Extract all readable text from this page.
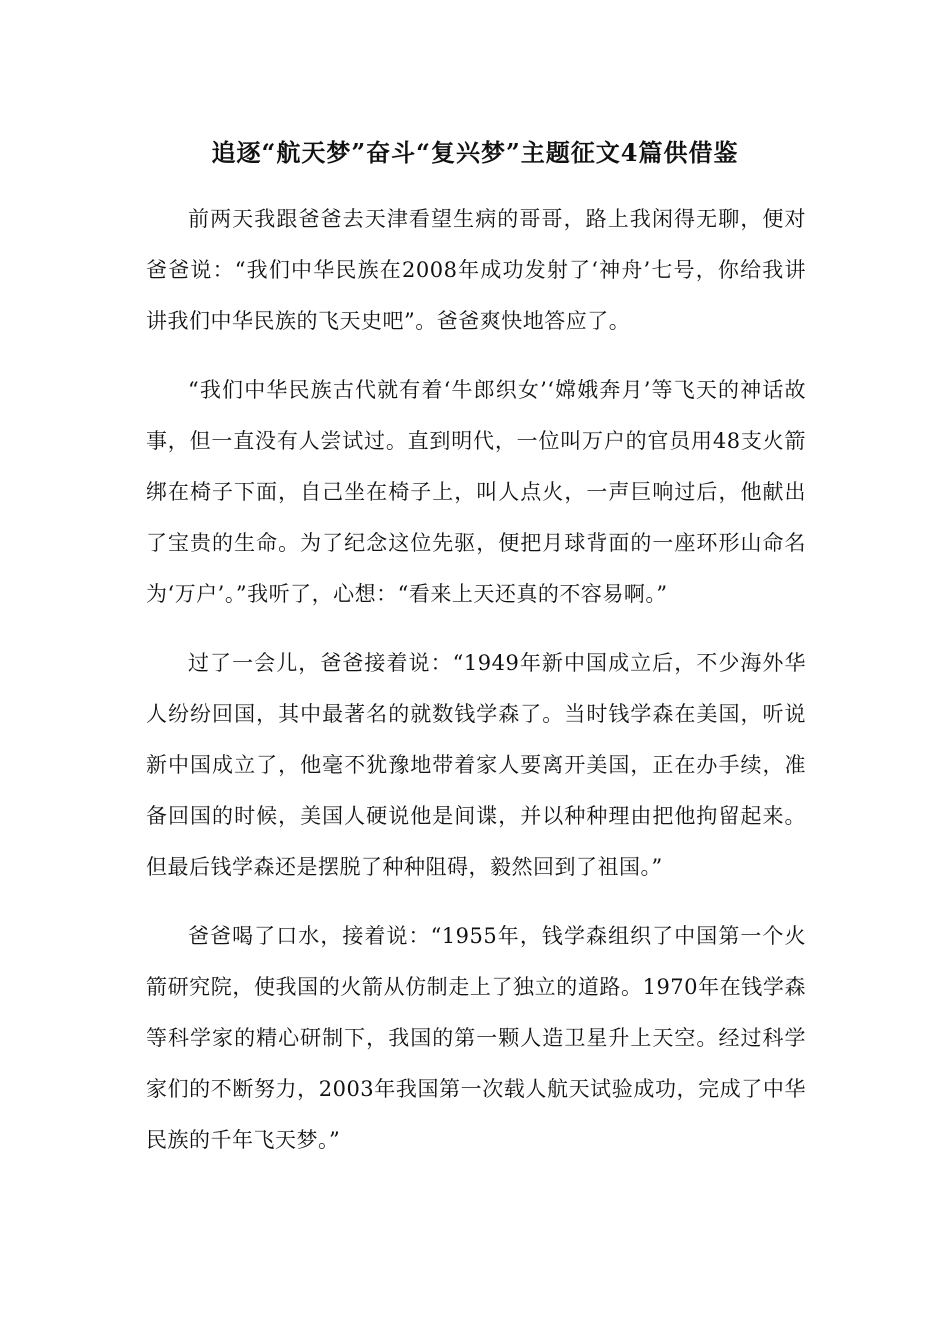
追逐“航天梦”奋斗“复兴梦”主题征文4篇供借鉴

前两天我跟爸爸去天津看望生病的哥哥，路上我闲得无聊，便对爸爸说：“我们中华民族在2008年成功发射了‘神舟’七号，你给我讲讲我们中华民族的飞天史吧”。爸爸爽快地答应了。

“我们中华民族古代就有着‘牛郎织女’‘嫦娥奔月’等飞天的神话故事，但一直没有人尝试过。直到明代，一位叫万户的官员用48支火箭绑在椅子下面，自己坐在椅子上，叫人点火，一声巨响过后，他献出了宝贵的生命。为了纪念这位先驱，便把月球背面的一座环形山命名为‘万户’。”我听了，心想：“看来上天还真的不容易啊。”

过了一会儿，爸爸接着说：“1949年新中国成立后，不少海外华人纷纷回国，其中最著名的就数钱学森了。当时钱学森在美国，听说新中国成立了，他毫不犹豫地带着家人要离开美国，正在办手续，准备回国的时候，美国人硬说他是间谍，并以种种理由把他拘留起来。但最后钱学森还是摆脱了种种阻碍，毅然回到了祖国。”

爸爸喝了口水，接着说：“1955年，钱学森组织了中国第一个火箭研究院，使我国的火箭从仿制走上了独立的道路。1970年在钱学森等科学家的精心研制下，我国的第一颗人造卫星升上天空。经过科学家们的不断努力，2003年我国第一次载人航天试验成功，完成了中华民族的千年飞天梦。”
